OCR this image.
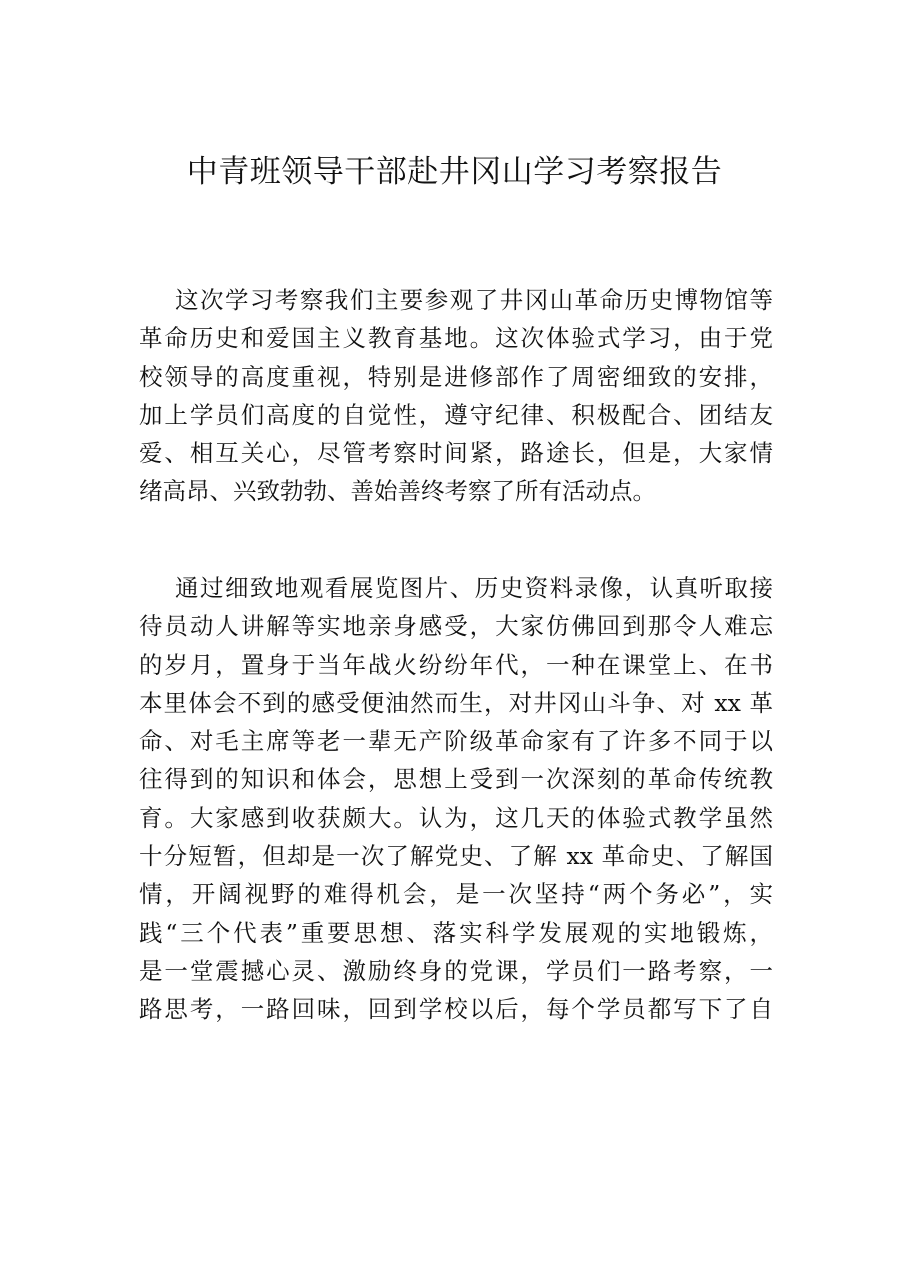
中青班领导干部赴井冈山学习考察报告
这次学习考察我们主要参观了井冈山革命历史博物馆等
革命历史和爱国主义教育基地。这次体验式学习，由于党
校领导的高度重视，特别是进修部作了周密细致的安排，
加上学员们高度的自觉性，遵守纪律、积极配合、团结友
爱、相互关心，尽管考察时间紧，路途长，但是，大家情
绪高昂、兴致勃勃、善始善终考察了所有活动点。
通过细致地观看展览图片、历史资料录像，认真听取接
待员动人讲解等实地亲身感受，大家仿佛回到那令人难忘
的岁月，置身于当年战火纷纷年代，一种在课堂上、在书
本里体会不到的感受便油然而生，对井冈山斗争、对 xx 革
命、对毛主席等老一辈无产阶级革命家有了许多不同于以
往得到的知识和体会，思想上受到一次深刻的革命传统教
育。大家感到收获颇大。认为，这几天的体验式教学虽然
十分短暂，但却是一次了解党史、了解 xx 革命史、了解国
情，开阔视野的难得机会，是一次坚持“两个务必”，实
践“三个代表”重要思想、落实科学发展观的实地锻炼，
是一堂震撼心灵、激励终身的党课，学员们一路考察，一
路思考，一路回味，回到学校以后，每个学员都写下了自
